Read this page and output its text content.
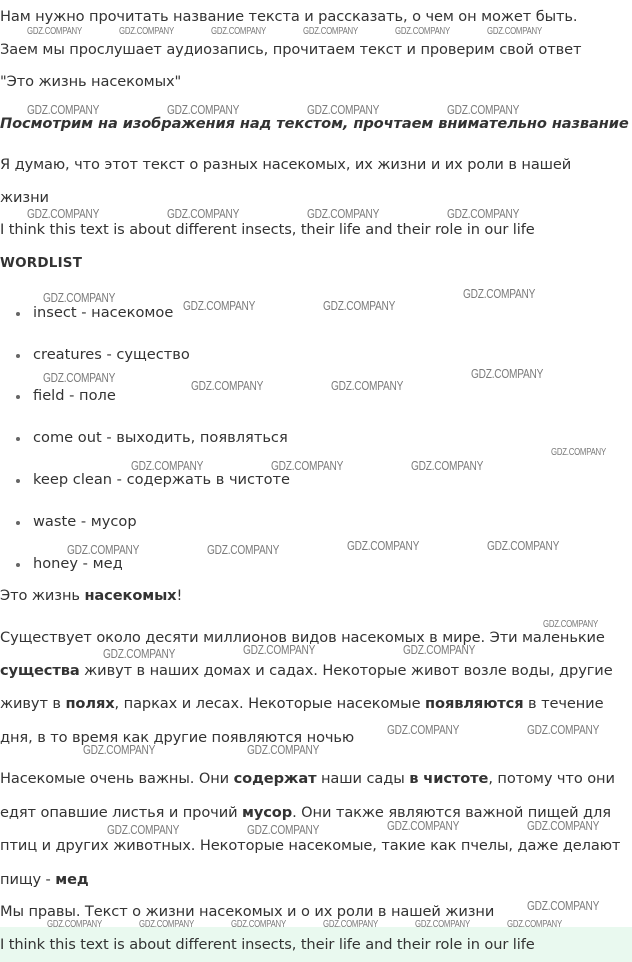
Нам нужно прочитать название текста и рассказать, о чем он может быть.
Заем мы прослушает аудиозапись, прочитаем текст и проверим свой ответ
"Это жизнь насекомых"
Посмотрим на изображения над текстом, прочтаем внимательно название
Я думаю, что этот текст о разных насекомых, их жизни и их роли в нашей
жизни
I think this text is about different insects, their life and their role in our life
WORDLIST
insect - насекомое
creatures - существо
field - поле
come out - выходить, появляться
keep clean - содержать в чистоте
waste - мусор
honey - мед
Это жизнь насекомых!
Существует около десяти миллионов видов насекомых в мире. Эти маленькие
существа живут в наших домах и садах. Некоторые живот возле воды, другие
живут в полях, парках и лесах. Некоторые насекомые появляются в течение
дня, в то время как другие появляются ночью
Насекомые очень важны. Они содержат наши сады в чистоте, потому что они
едят опавшие листья и прочий мусор. Они также являются важной пищей для
птиц и других животных. Некоторые насекомые, такие как пчелы, даже делают
пищу - мед
Мы правы. Текст о жизни насекомых и о их роли в нашей жизни
I think this text is about different insects, their life and their role in our life
GDZ.COMPANY	GDZ.COMPANY	GDZ.COMPANY	GDZ.COMPANY	GDZ.COMPANY	GDZ.COMPANY
GDZ.COMPANY	GDZ.COMPANY	GDZ.COMPANY	GDZ.COMPANY
GDZ.COMPANY	GDZ.COMPANY	GDZ.COMPANY	GDZ.COMPANY
GDZ.COMPANY
GDZ.COMPANY	GDZ.COMPANY
GDZ.COMPANY
GDZ.COMPANY
GDZ.COMPANY	GDZ.COMPANY
GDZ.COMPANY
GDZ.COMPANY
GDZ.COMPANY	GDZ.COMPANY	GDZ.COMPANY
GDZ.COMPANY	GDZ.COMPANY	GDZ.COMPANY	GDZ.COMPANY
GDZ.COMPANY
GDZ.COMPANY	GDZ.COMPANY	GDZ.COMPANY
GDZ.COMPANY	GDZ.COMPANY
GDZ.COMPANY	GDZ.COMPANY
GDZ.COMPANY	GDZ.COMPANY
GDZ.COMPANY	GDZ.COMPANY
GDZ.COMPANY
GDZ.COMPANY	GDZ.COMPANY	GDZ.COMPANY	GDZ.COMPANY	GDZ.COMPANY	GDZ.COMPANY
